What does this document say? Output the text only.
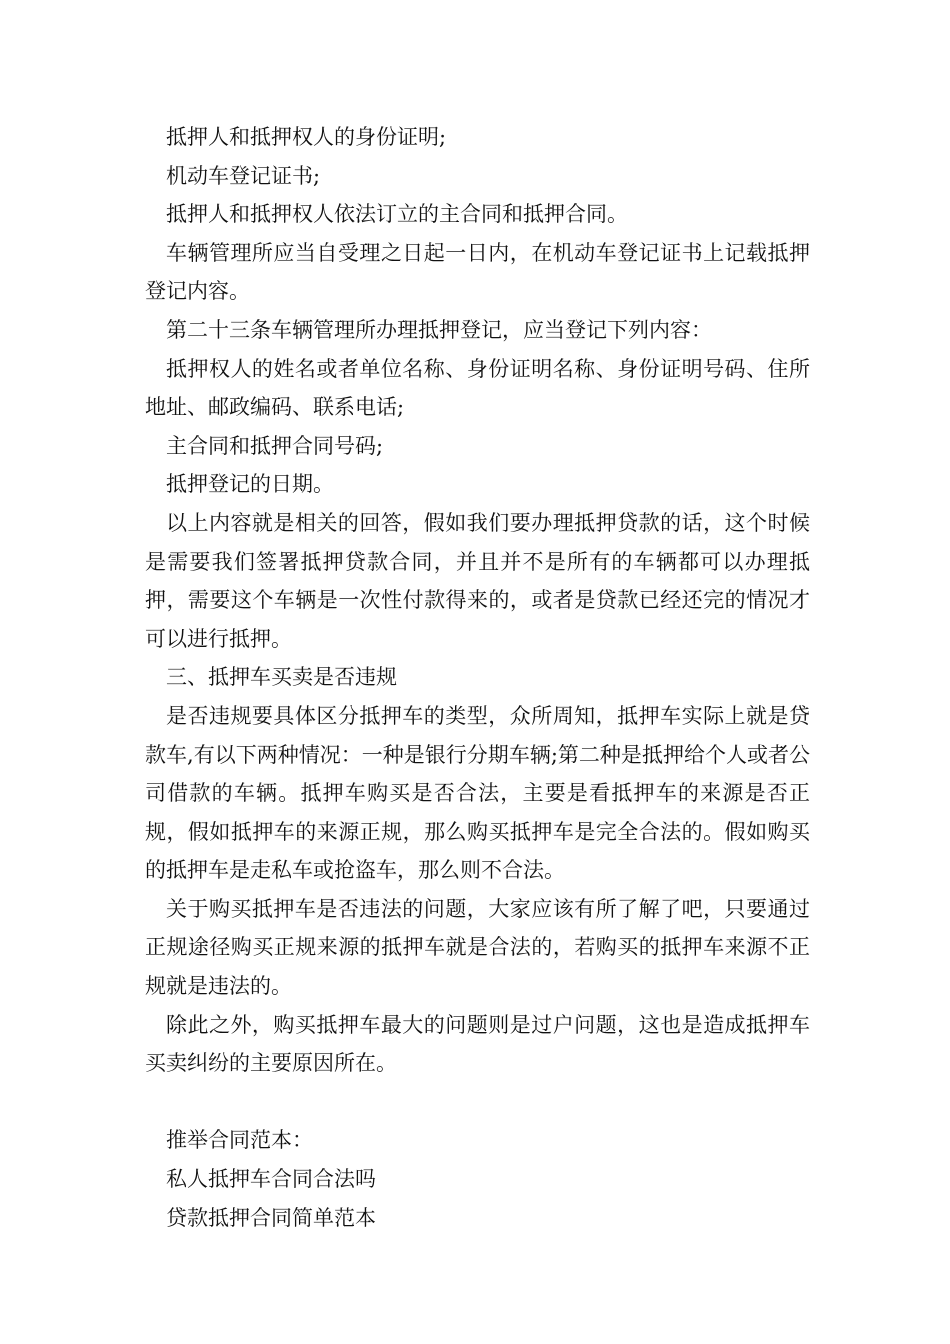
抵押人和抵押权人的身份证明;

机动车登记证书;

抵押人和抵押权人依法订立的主合同和抵押合同。

车辆管理所应当自受理之日起一日内，在机动车登记证书上记载抵押登记内容。

第二十三条车辆管理所办理抵押登记，应当登记下列内容：

抵押权人的姓名或者单位名称、身份证明名称、身份证明号码、住所地址、邮政编码、联系电话;

主合同和抵押合同号码;

抵押登记的日期。

以上内容就是相关的回答，假如我们要办理抵押贷款的话，这个时候是需要我们签署抵押贷款合同，并且并不是所有的车辆都可以办理抵押，需要这个车辆是一次性付款得来的，或者是贷款已经还完的情况才可以进行抵押。

三、抵押车买卖是否违规

是否违规要具体区分抵押车的类型，众所周知，抵押车实际上就是贷款车,有以下两种情况：一种是银行分期车辆;第二种是抵押给个人或者公司借款的车辆。抵押车购买是否合法，主要是看抵押车的来源是否正规，假如抵押车的来源正规，那么购买抵押车是完全合法的。假如购买的抵押车是走私车或抢盗车，那么则不合法。

关于购买抵押车是否违法的问题，大家应该有所了解了吧，只要通过正规途径购买正规来源的抵押车就是合法的，若购买的抵押车来源不正规就是违法的。

除此之外，购买抵押车最大的问题则是过户问题，这也是造成抵押车买卖纠纷的主要原因所在。

推举合同范本：

私人抵押车合同合法吗

贷款抵押合同简单范本
